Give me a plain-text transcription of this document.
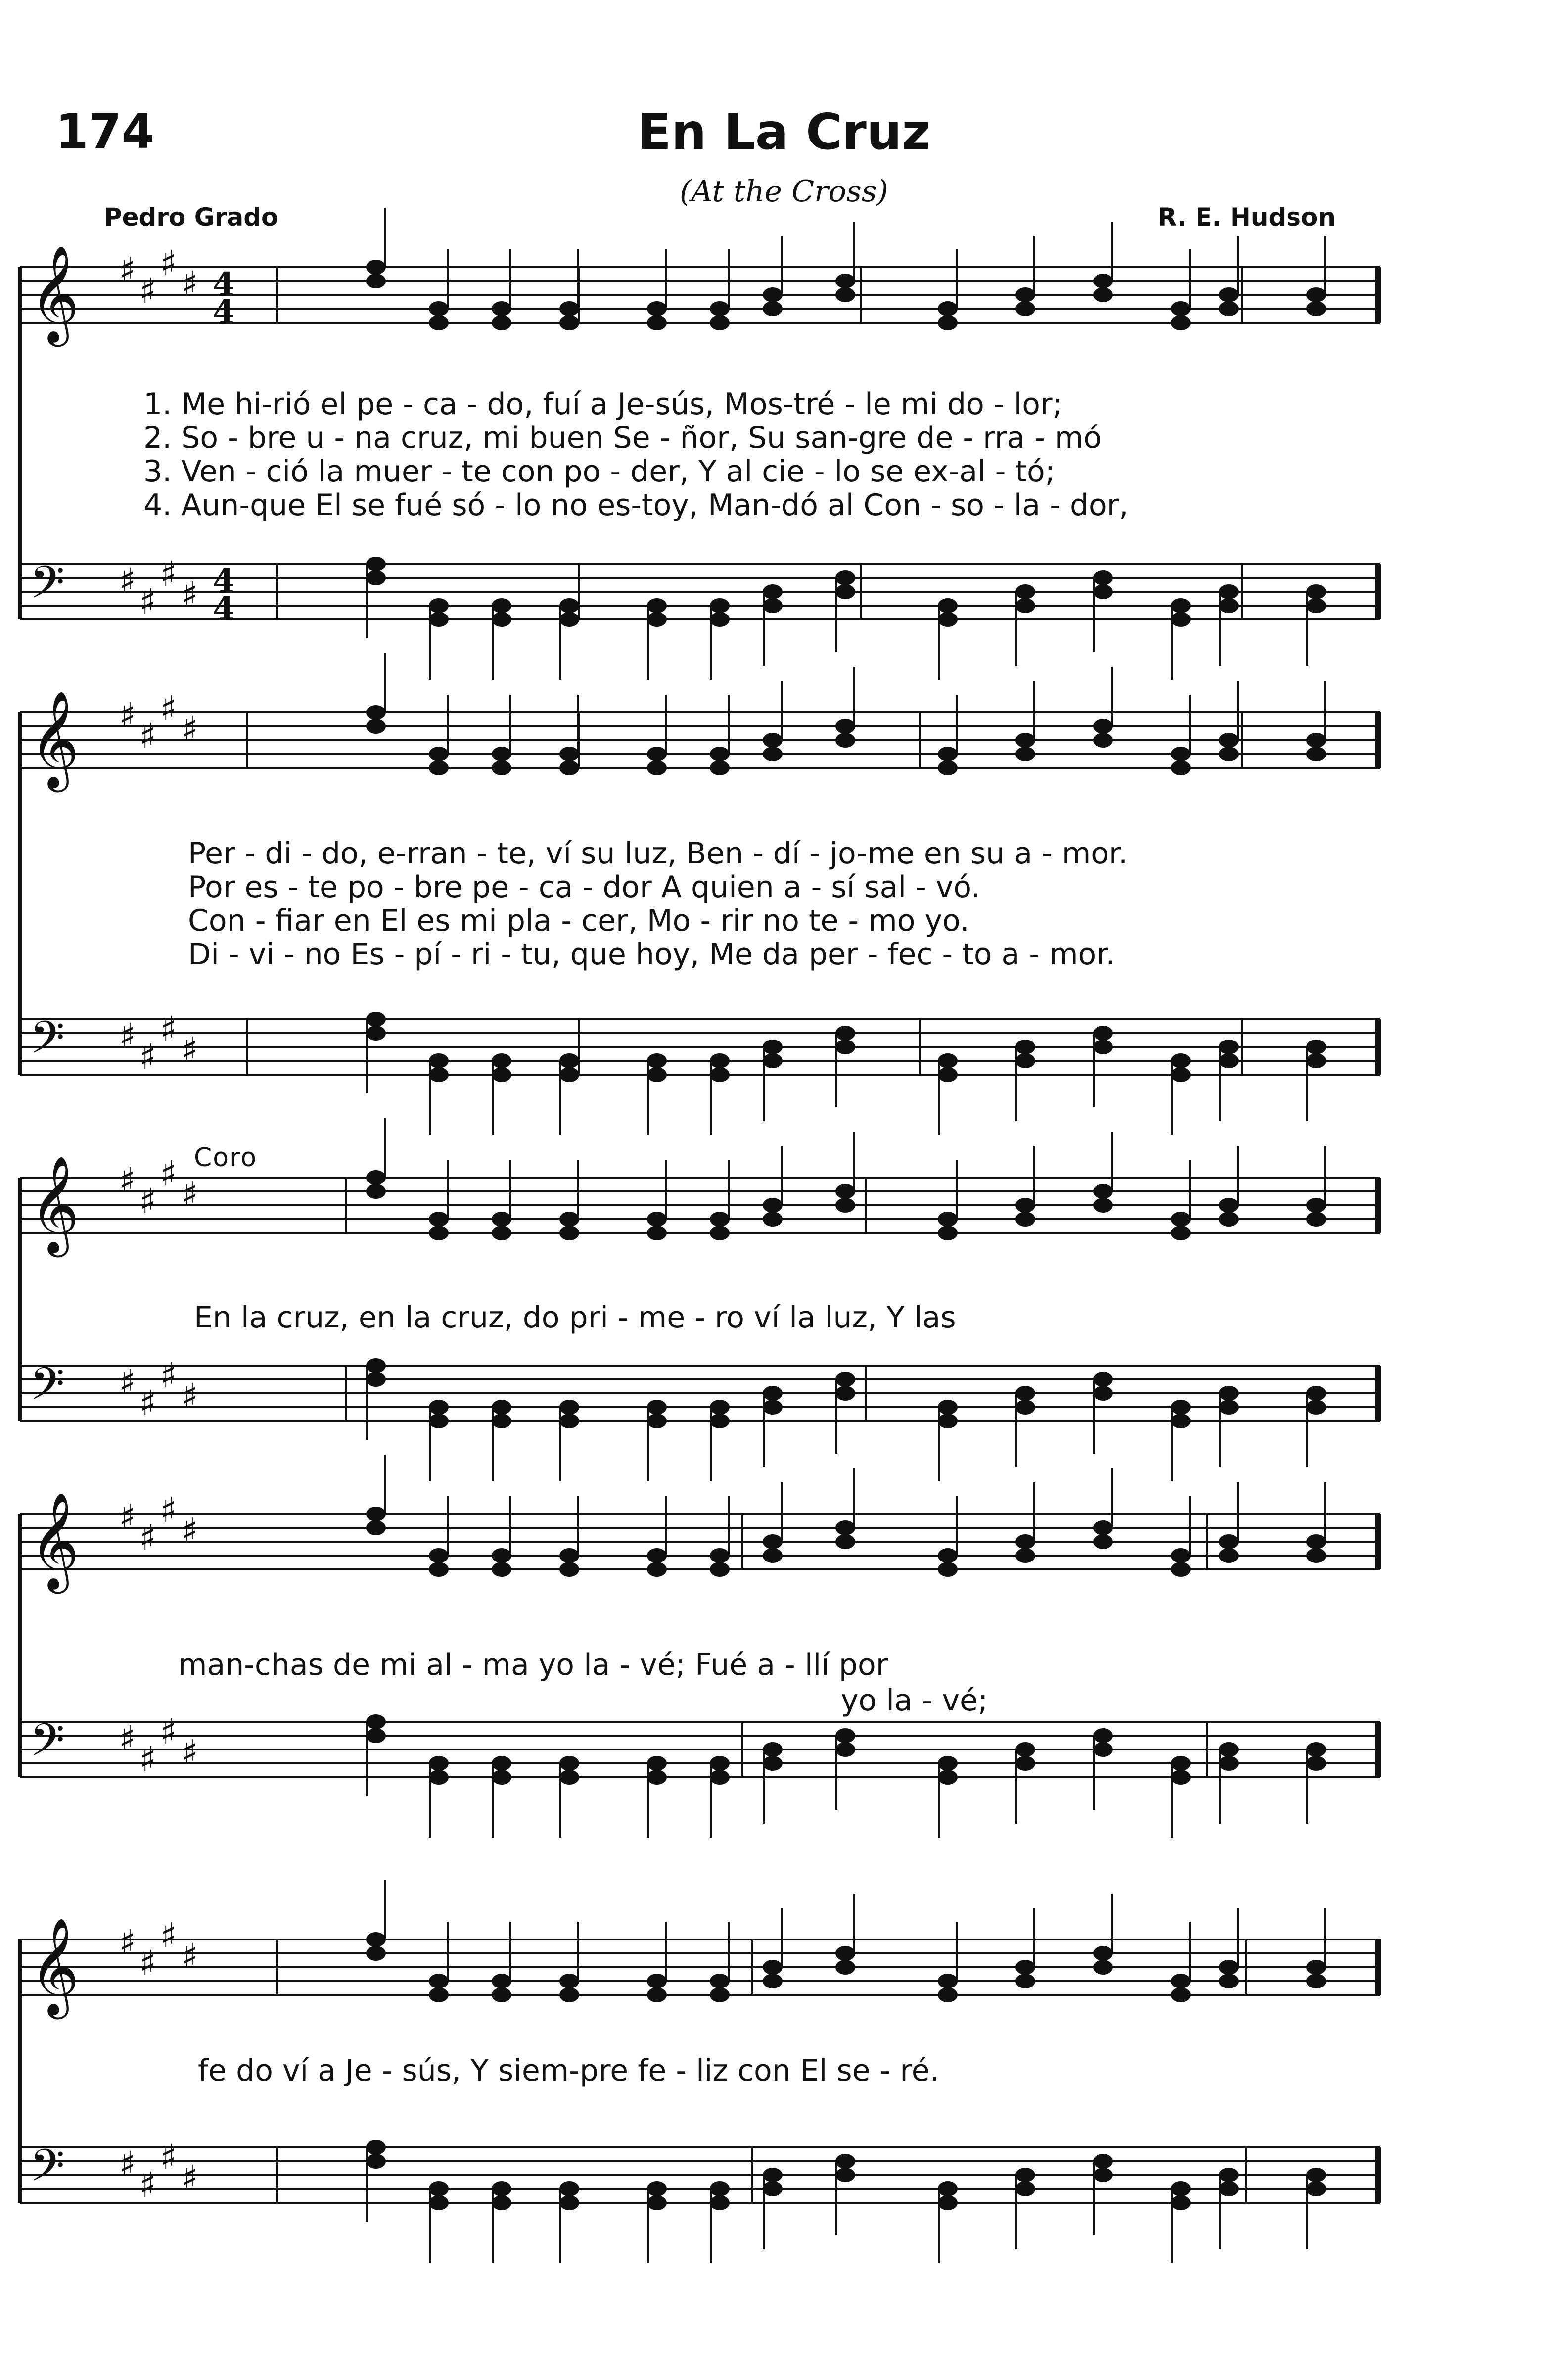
174	En La Cruz
(At the Cross)
Pedro Grado	R. E. Hudson
Coro
𝄞 ♯
♯
♯
♯
𝄢 ♯
♯
♯
♯
4
4
4
4
𝄞 ♯
♯
♯
♯
𝄢 ♯
♯
♯
♯
𝄞 ♯
♯
♯
♯
𝄢 ♯
♯
♯
♯
𝄞 ♯
♯
♯
♯
𝄢 ♯
♯
♯
♯
𝄞 ♯
♯
♯
♯
𝄢 ♯
♯
♯
♯
1. Me hi-rió el pe - ca - do, fuí a Je-sús, Mos-tré - le mi do - lor;
2. So - bre u - na cruz, mi buen Se - ñor, Su san-gre de - rra - mó
3. Ven - ció la muer - te con po - der, Y al cie - lo se ex-al - tó;
4. Aun-que El se fué só - lo no es-toy, Man-dó al Con - so - la - dor,
Per - di - do, e-rran - te, ví su luz, Ben - dí - jo-me en su a - mor.
Por es - te po - bre pe - ca - dor A quien a - sí sal - vó.
Con - fiar en El es mi pla - cer, Mo - rir no te - mo yo.
Di - vi - no Es - pí - ri - tu, que hoy, Me da per - fec - to a - mor.
En la cruz, en la cruz, do pri - me - ro ví la luz, Y las
man-chas de mi al - ma yo la - vé; Fué a - llí por
yo la - vé;
fe do ví a Je - sús, Y siem-pre fe - liz con El se - ré.
